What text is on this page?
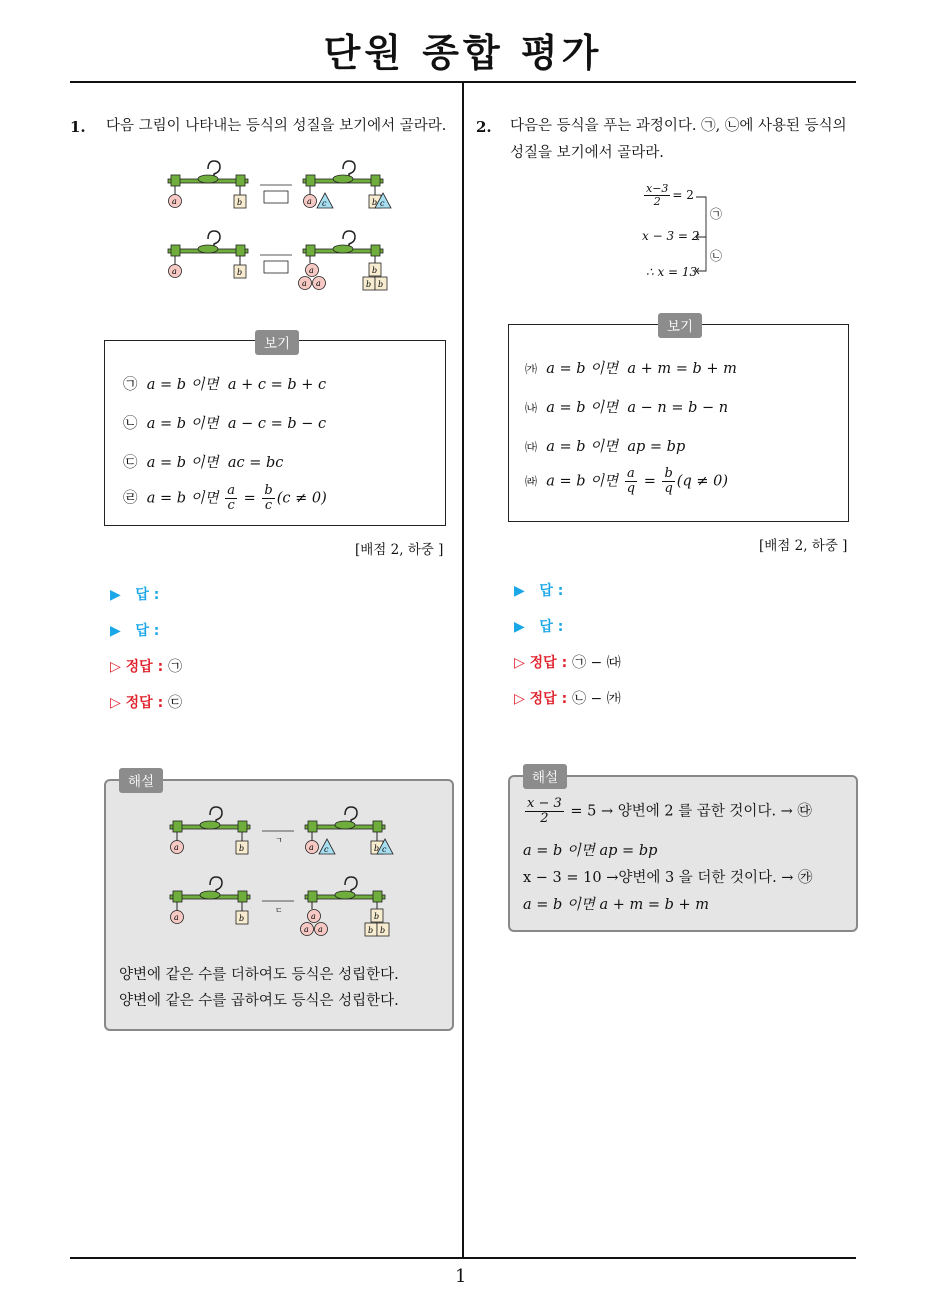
단원 종합 평가
1
1. 다음 그림이 나타내는 등식의 성질을 보기에서 골라라.
a	b	a c	b c
a	b	a
a a
b
b b
㉠ a = b 이면 a + c = b + c
㉡ a = b 이면 a − c = b − c
㉢ a = b 이면 ac = bc
㉣ a = b 이면 $\frac{a}{c} = \frac{b}{c} (c \ne 0)$
보기
[배점 2, 하중 ]
▶ 답 :
▶ 답 :
▷ 정답 : ㉠
▷ 정답 : ㉢
a	b
ㄱ
a c	b c
a	b
ㄷ
a
a a
b
b b
양변에 같은 수를 더하여도 등식은 성립한다.
양변에 같은 수를 곱하여도 등식은 성립한다.
해설
2. 다음은 등식을 푸는 과정이다. ㉠, ㉡에 사용된 등식의
성질을 보기에서 골라라.
$\frac{x-3}{2} = 2$
x − 3 = 2
∴ x = 13
㉠
㉡
㈎ a = b 이면 a + m = b + m
㈏ a = b 이면 a − n = b − n
㈐ a = b 이면 ap = bp
㈑ a = b 이면 $\frac{a}{q} = \frac{b}{q} (q \ne 0)$
보기
[배점 2, 하중 ]
▶ 답 :
▶ 답 :
▷ 정답 : ㉠ − ㈐
▷ 정답 : ㉡ − ㈎
$\frac{x - 3}{2} = 5$ → 양변에 2 를 곱한 것이다. → ㉰
a = b 이면 ap = bp
x − 3 = 10 →양변에 3 을 더한 것이다. → ㉮
a = b 이면 a + m = b + m
해설
